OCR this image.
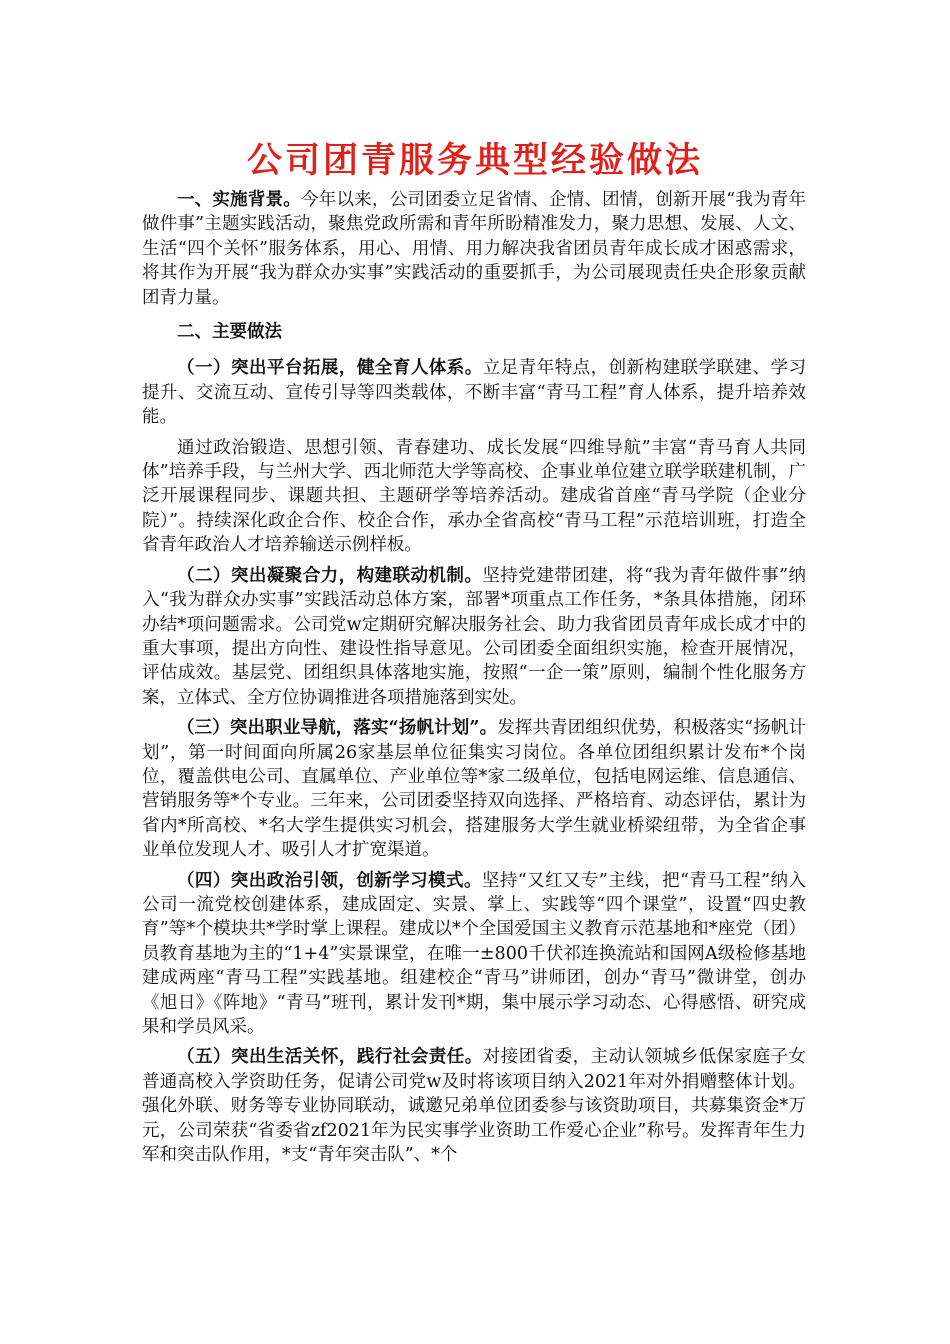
公司团青服务典型经验做法

一、实施背景。今年以来，公司团委立足省情、企情、团情，创新开展“我为青年做件事”主题实践活动，聚焦党政所需和青年所盼精准发力，聚力思想、发展、人文、生活“四个关怀”服务体系，用心、用情、用力解决我省团员青年成长成才困惑需求，将其作为开展“我为群众办实事”实践活动的重要抓手，为公司展现责任央企形象贡献团青力量。

二、主要做法

（一）突出平台拓展，健全育人体系。立足青年特点，创新构建联学联建、学习提升、交流互动、宣传引导等四类载体，不断丰富“青马工程”育人体系，提升培养效能。

通过政治锻造、思想引领、青春建功、成长发展“四维导航”丰富“青马育人共同体”培养手段，与兰州大学、西北师范大学等高校、企事业单位建立联学联建机制，广泛开展课程同步、课题共担、主题研学等培养活动。建成省首座“青马学院（企业分院）”。持续深化政企合作、校企合作，承办全省高校“青马工程”示范培训班，打造全省青年政治人才培养输送示例样板。

（二）突出凝聚合力，构建联动机制。坚持党建带团建，将“我为青年做件事”纳入“我为群众办实事”实践活动总体方案，部署*项重点工作任务，*条具体措施，闭环办结*项问题需求。公司党w定期研究解决服务社会、助力我省团员青年成长成才中的重大事项，提出方向性、建设性指导意见。公司团委全面组织实施，检查开展情况，评估成效。基层党、团组织具体落地实施，按照“一企一策”原则，编制个性化服务方案，立体式、全方位协调推进各项措施落到实处。

（三）突出职业导航，落实“扬帆计划”。发挥共青团组织优势，积极落实“扬帆计划”，第一时间面向所属26家基层单位征集实习岗位。各单位团组织累计发布*个岗位，覆盖供电公司、直属单位、产业单位等*家二级单位，包括电网运维、信息通信、营销服务等*个专业。三年来，公司团委坚持双向选择、严格培育、动态评估，累计为省内*所高校、*名大学生提供实习机会，搭建服务大学生就业桥梁纽带，为全省企事业单位发现人才、吸引人才扩宽渠道。

（四）突出政治引领，创新学习模式。坚持“又红又专”主线，把“青马工程”纳入公司一流党校创建体系，建成固定、实景、掌上、实践等“四个课堂”，设置“四史教育”等*个模块共*学时掌上课程。建成以*个全国爱国主义教育示范基地和*座党（团）员教育基地为主的“1+4”实景课堂，在唯一±800千伏祁连换流站和国网A级检修基地建成两座“青马工程”实践基地。组建校企“青马”讲师团，创办“青马”微讲堂，创办《旭日》《阵地》“青马”班刊，累计发刊*期，集中展示学习动态、心得感悟、研究成果和学员风采。

（五）突出生活关怀，践行社会责任。对接团省委，主动认领城乡低保家庭子女普通高校入学资助任务，促请公司党w及时将该项目纳入2021年对外捐赠整体计划。强化外联、财务等专业协同联动，诚邀兄弟单位团委参与该资助项目，共募集资金*万元，公司荣获“省委省zf2021年为民实事学业资助工作爱心企业”称号。发挥青年生力军和突击队作用，*支“青年突击队”、*个
